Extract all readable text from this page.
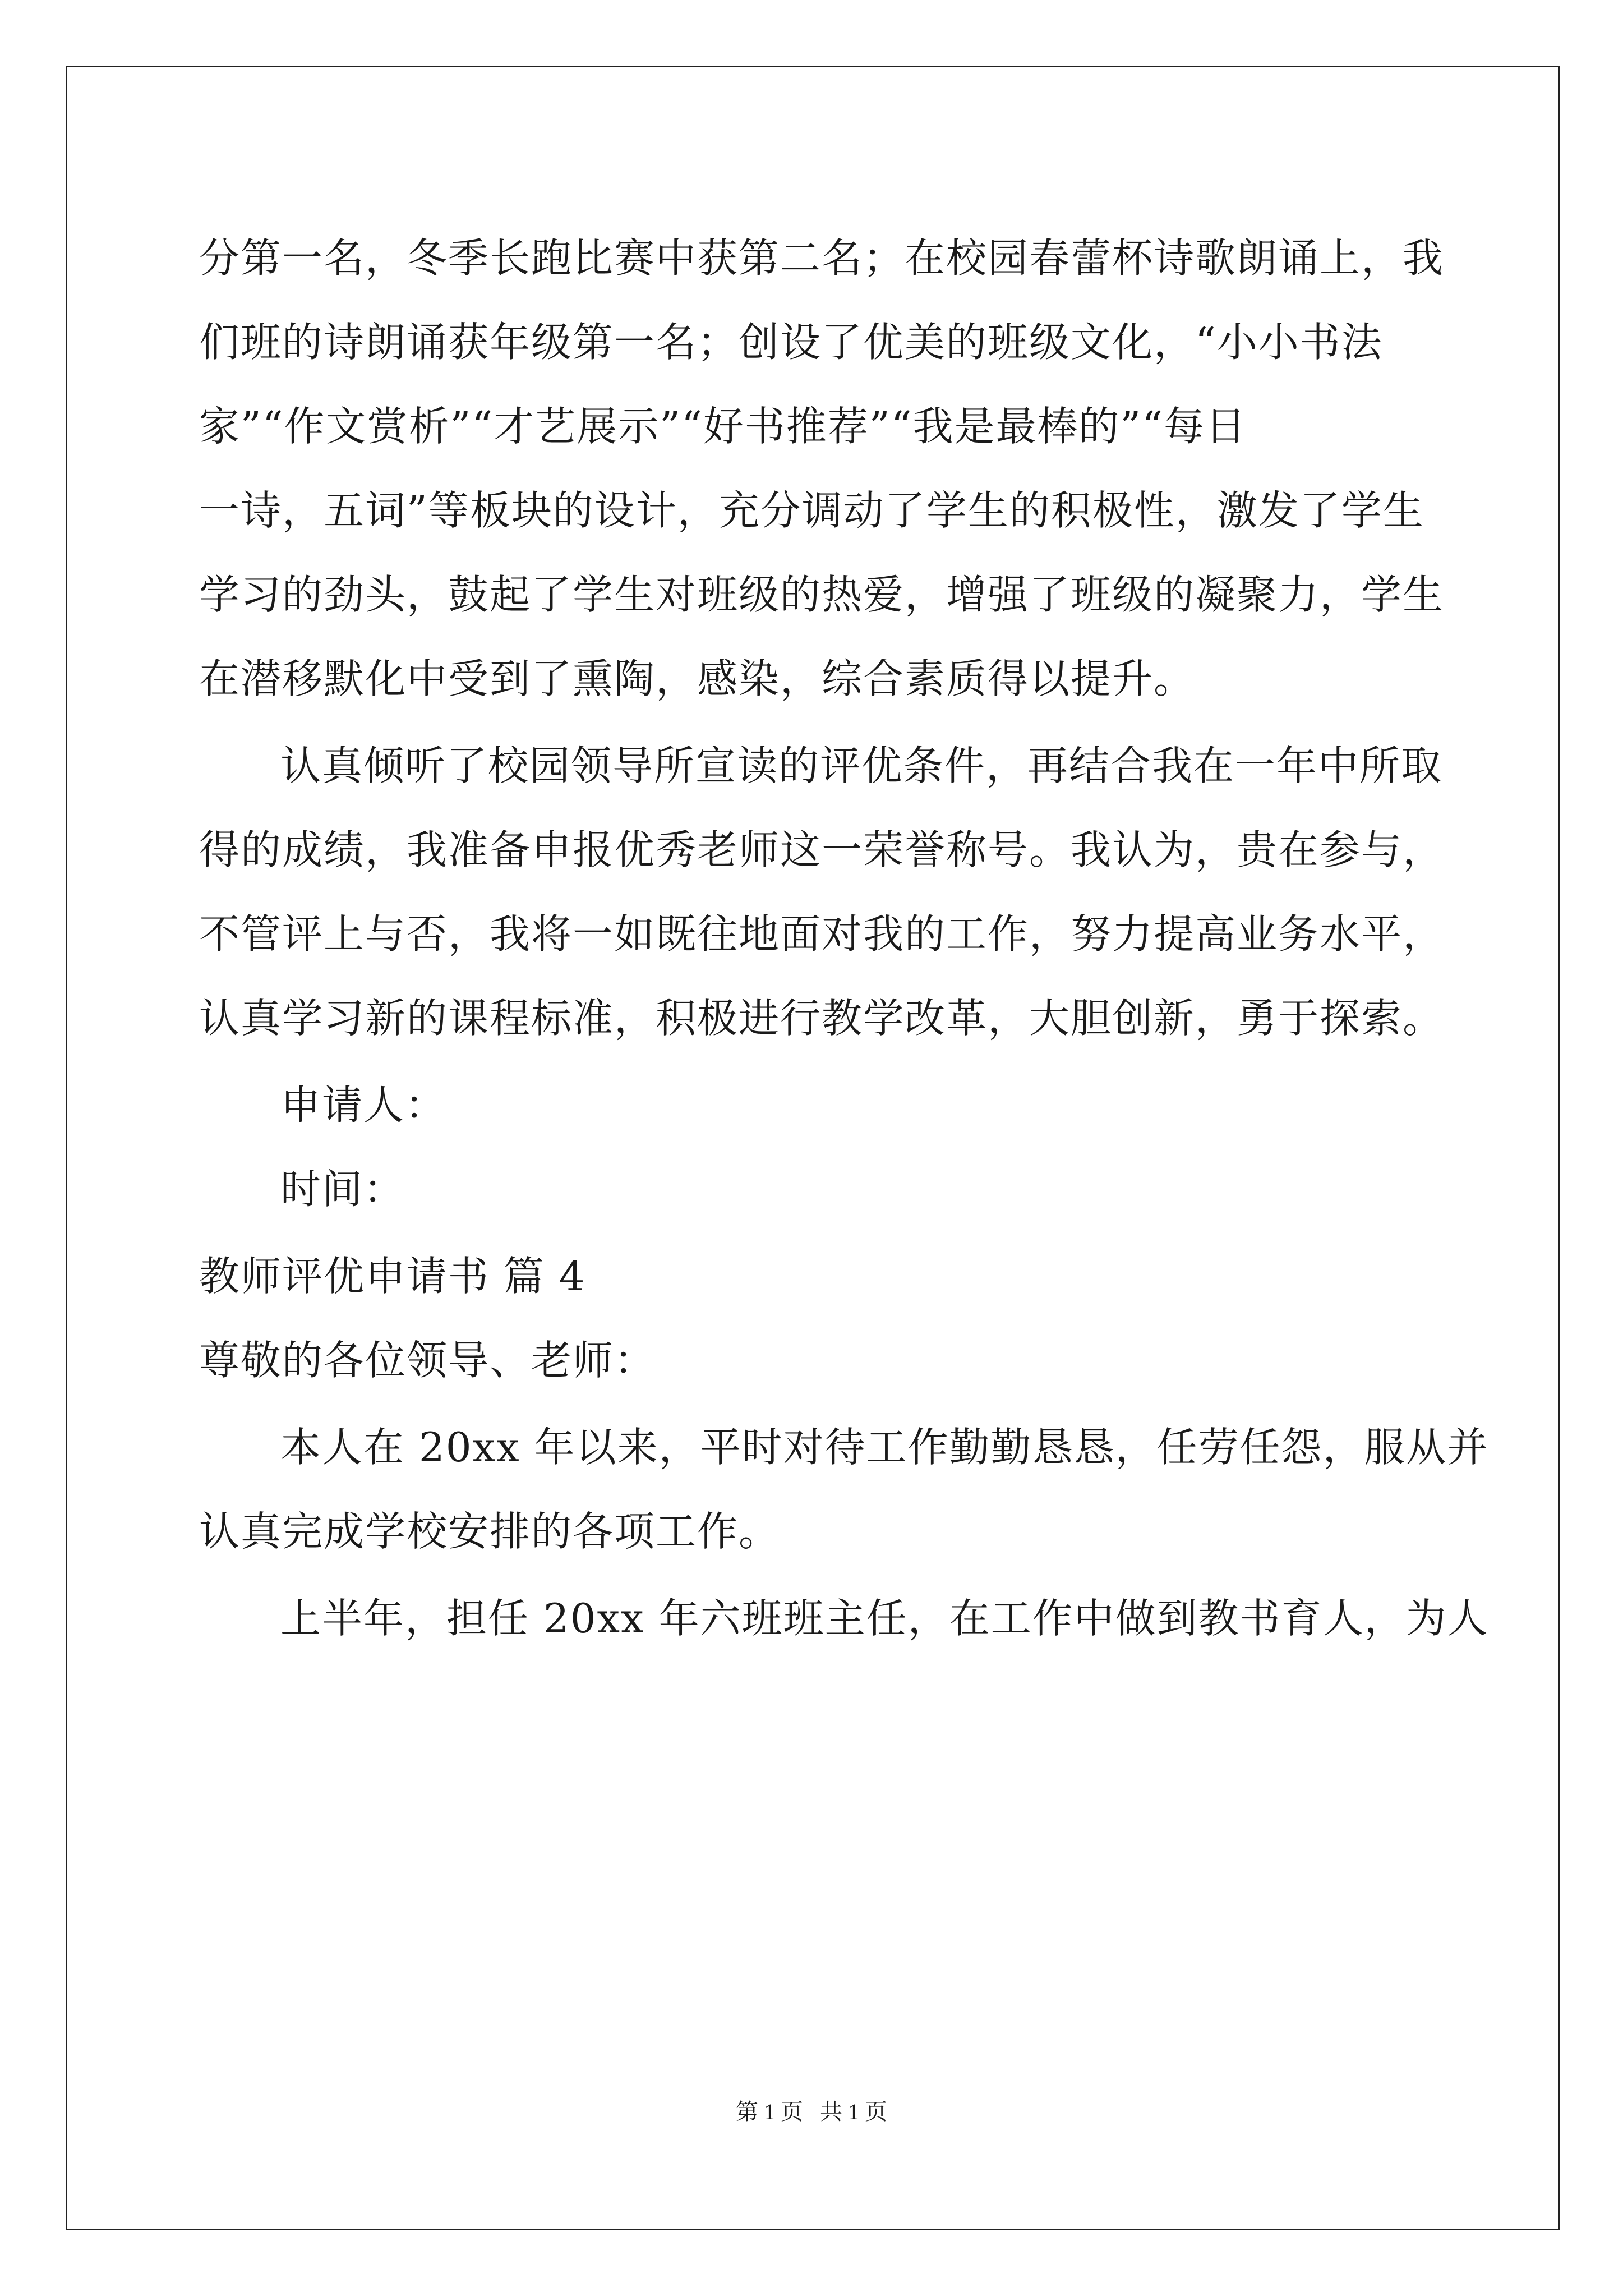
分第一名，冬季长跑比赛中获第二名；在校园春蕾杯诗歌朗诵上，我
们班的诗朗诵获年级第一名；创设了优美的班级文化，“小小书法
家”“作文赏析”“才艺展示”“好书推荐”“我是最棒的”“每日
一诗，五词”等板块的设计，充分调动了学生的积极性，激发了学生
学习的劲头，鼓起了学生对班级的热爱，增强了班级的凝聚力，学生
在潜移默化中受到了熏陶，感染，综合素质得以提升。
认真倾听了校园领导所宣读的评优条件，再结合我在一年中所取
得的成绩，我准备申报优秀老师这一荣誉称号。我认为，贵在参与，
不管评上与否，我将一如既往地面对我的工作，努力提高业务水平，
认真学习新的课程标准，积极进行教学改革，大胆创新，勇于探索。
申请人：
时间：
教师评优申请书 篇 4
尊敬的各位领导、老师：
本人在 20xx 年以来，平时对待工作勤勤恳恳，任劳任怨，服从并
认真完成学校安排的各项工作。
上半年，担任 20xx 年六班班主任，在工作中做到教书育人，为人
第 1 页 共 1 页
